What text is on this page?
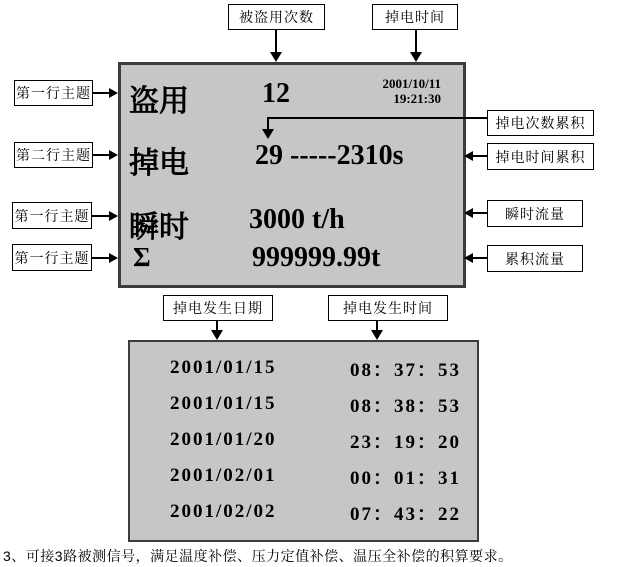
被盗用次数	掉电时间
盗用	12	2001/10/11
19:21:30
掉电 29 -----2310s
瞬时 3000 t/h
Σ	999999.99t
第一行主题
第二行主题
第一行主题
第一行主题
掉电次数累积
掉电时间累积
瞬时流量
累积流量
掉电发生日期	掉电发生时间
2001/01/15	08：37：53
2001/01/15	08：38：53
2001/01/20	23：19：20
2001/02/01	00：01：31
2001/02/02	07：43：22
3、可接3路被测信号，满足温度补偿、压力定值补偿、温压全补偿的积算要求。
